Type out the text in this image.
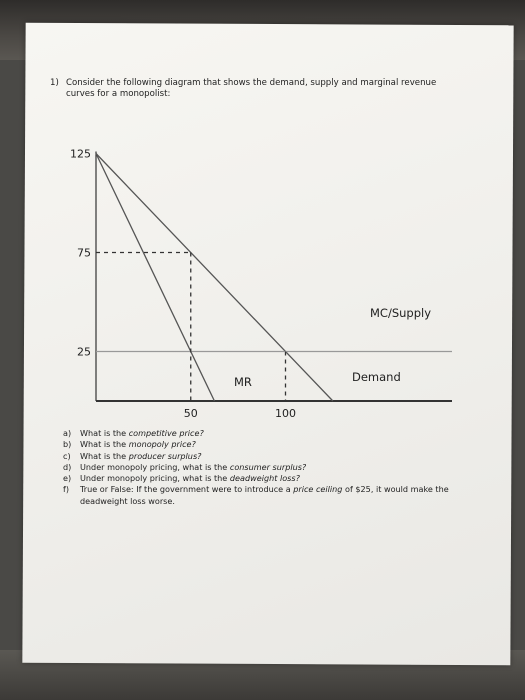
1) Consider the following diagram that shows the demand, supply and marginal revenue curves for a monopolist:
125
75
25
50	100
MC/Supply
Demand
MR
a) What is the competitive price?
b) What is the monopoly price?
c) What is the producer surplus?
d) Under monopoly pricing, what is the consumer surplus?
e) Under monopoly pricing, what is the deadweight loss?
f) True or False: If the government were to introduce a price ceiling of $25, it would make the deadweight loss worse.
